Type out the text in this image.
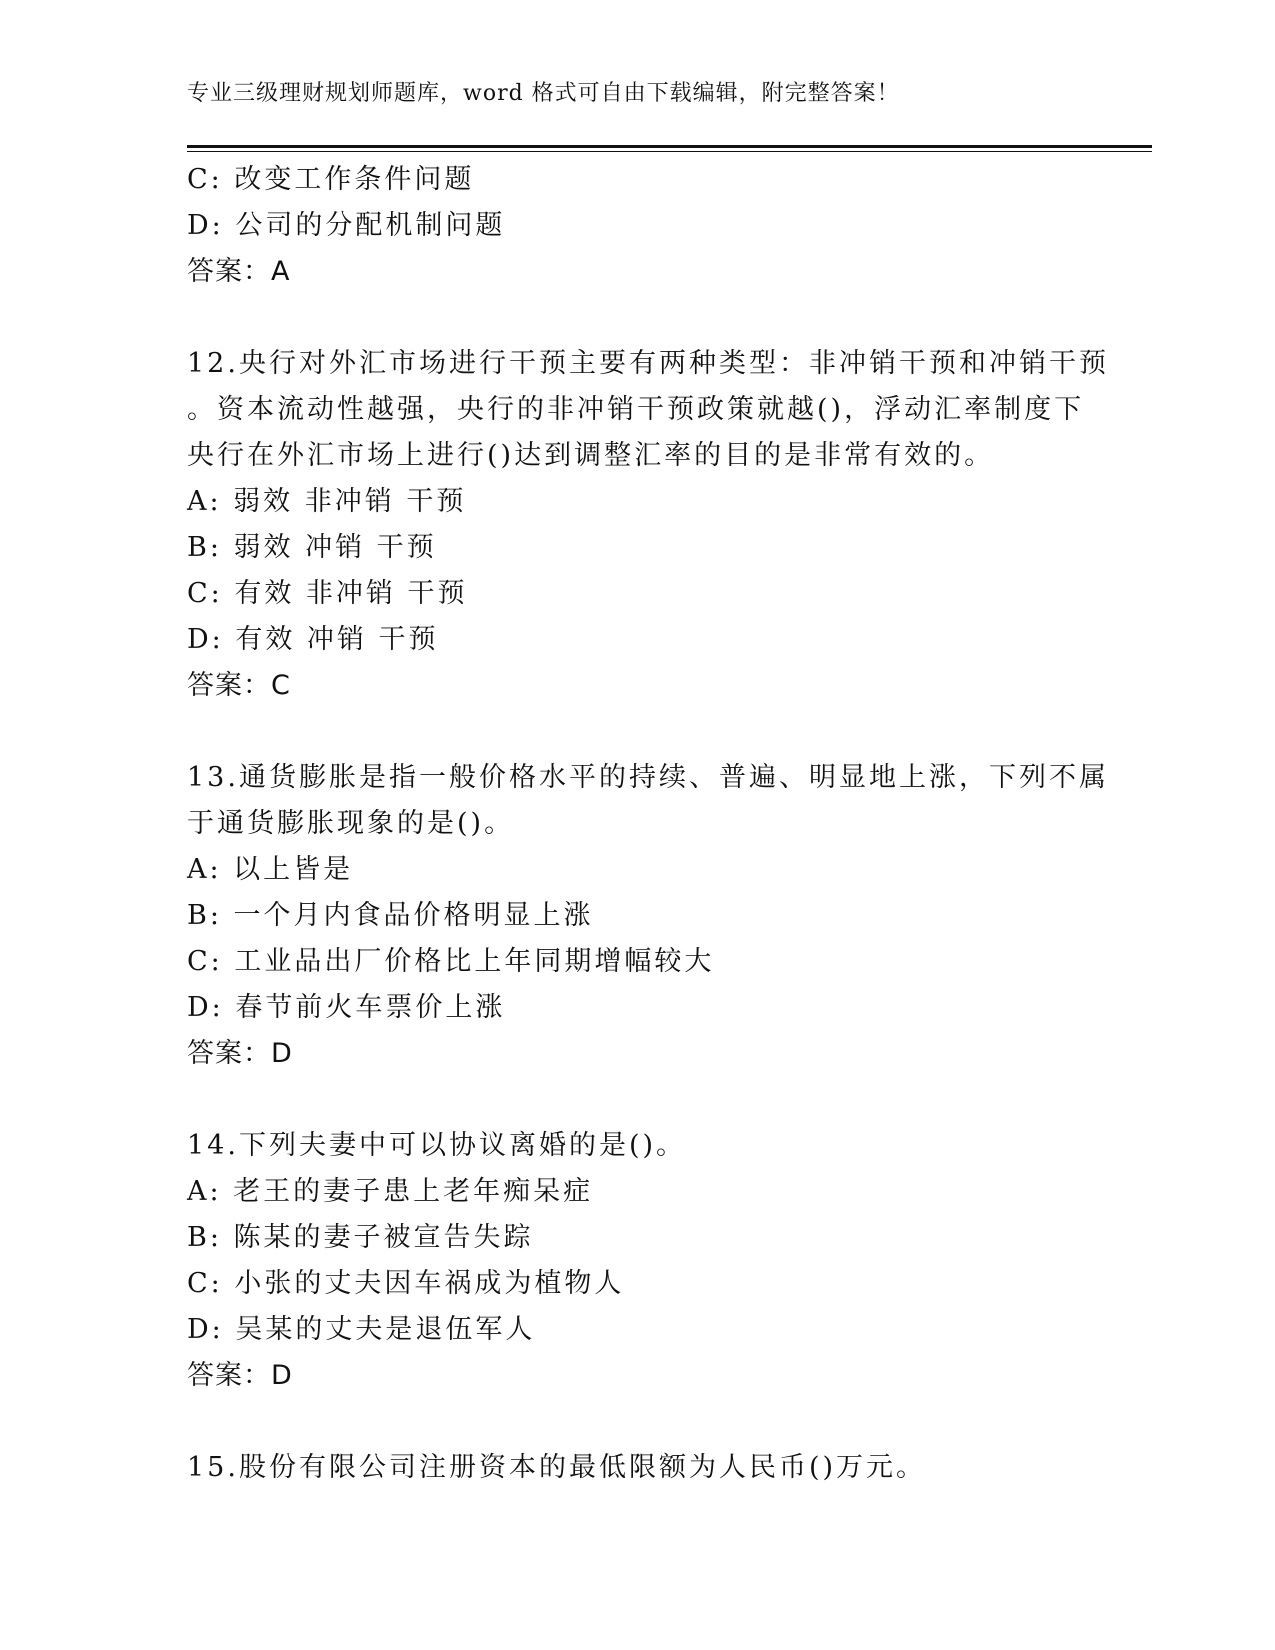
专业三级理财规划师题库，word 格式可自由下载编辑，附完整答案！
C: 改变工作条件问题
D: 公司的分配机制问题
答案：A
12.央行对外汇市场进行干预主要有两种类型：非冲销干预和冲销干预
。资本流动性越强，央行的非冲销干预政策就越()，浮动汇率制度下
央行在外汇市场上进行()达到调整汇率的目的是非常有效的。
A: 弱效 非冲销 干预
B: 弱效 冲销 干预
C: 有效 非冲销 干预
D: 有效 冲销 干预
答案：C
13.通货膨胀是指一般价格水平的持续、普遍、明显地上涨，下列不属
于通货膨胀现象的是()。
A: 以上皆是
B: 一个月内食品价格明显上涨
C: 工业品出厂价格比上年同期增幅较大
D: 春节前火车票价上涨
答案：D
14.下列夫妻中可以协议离婚的是()。
A: 老王的妻子患上老年痴呆症
B: 陈某的妻子被宣告失踪
C: 小张的丈夫因车祸成为植物人
D: 吴某的丈夫是退伍军人
答案：D
15.股份有限公司注册资本的最低限额为人民币()万元。
